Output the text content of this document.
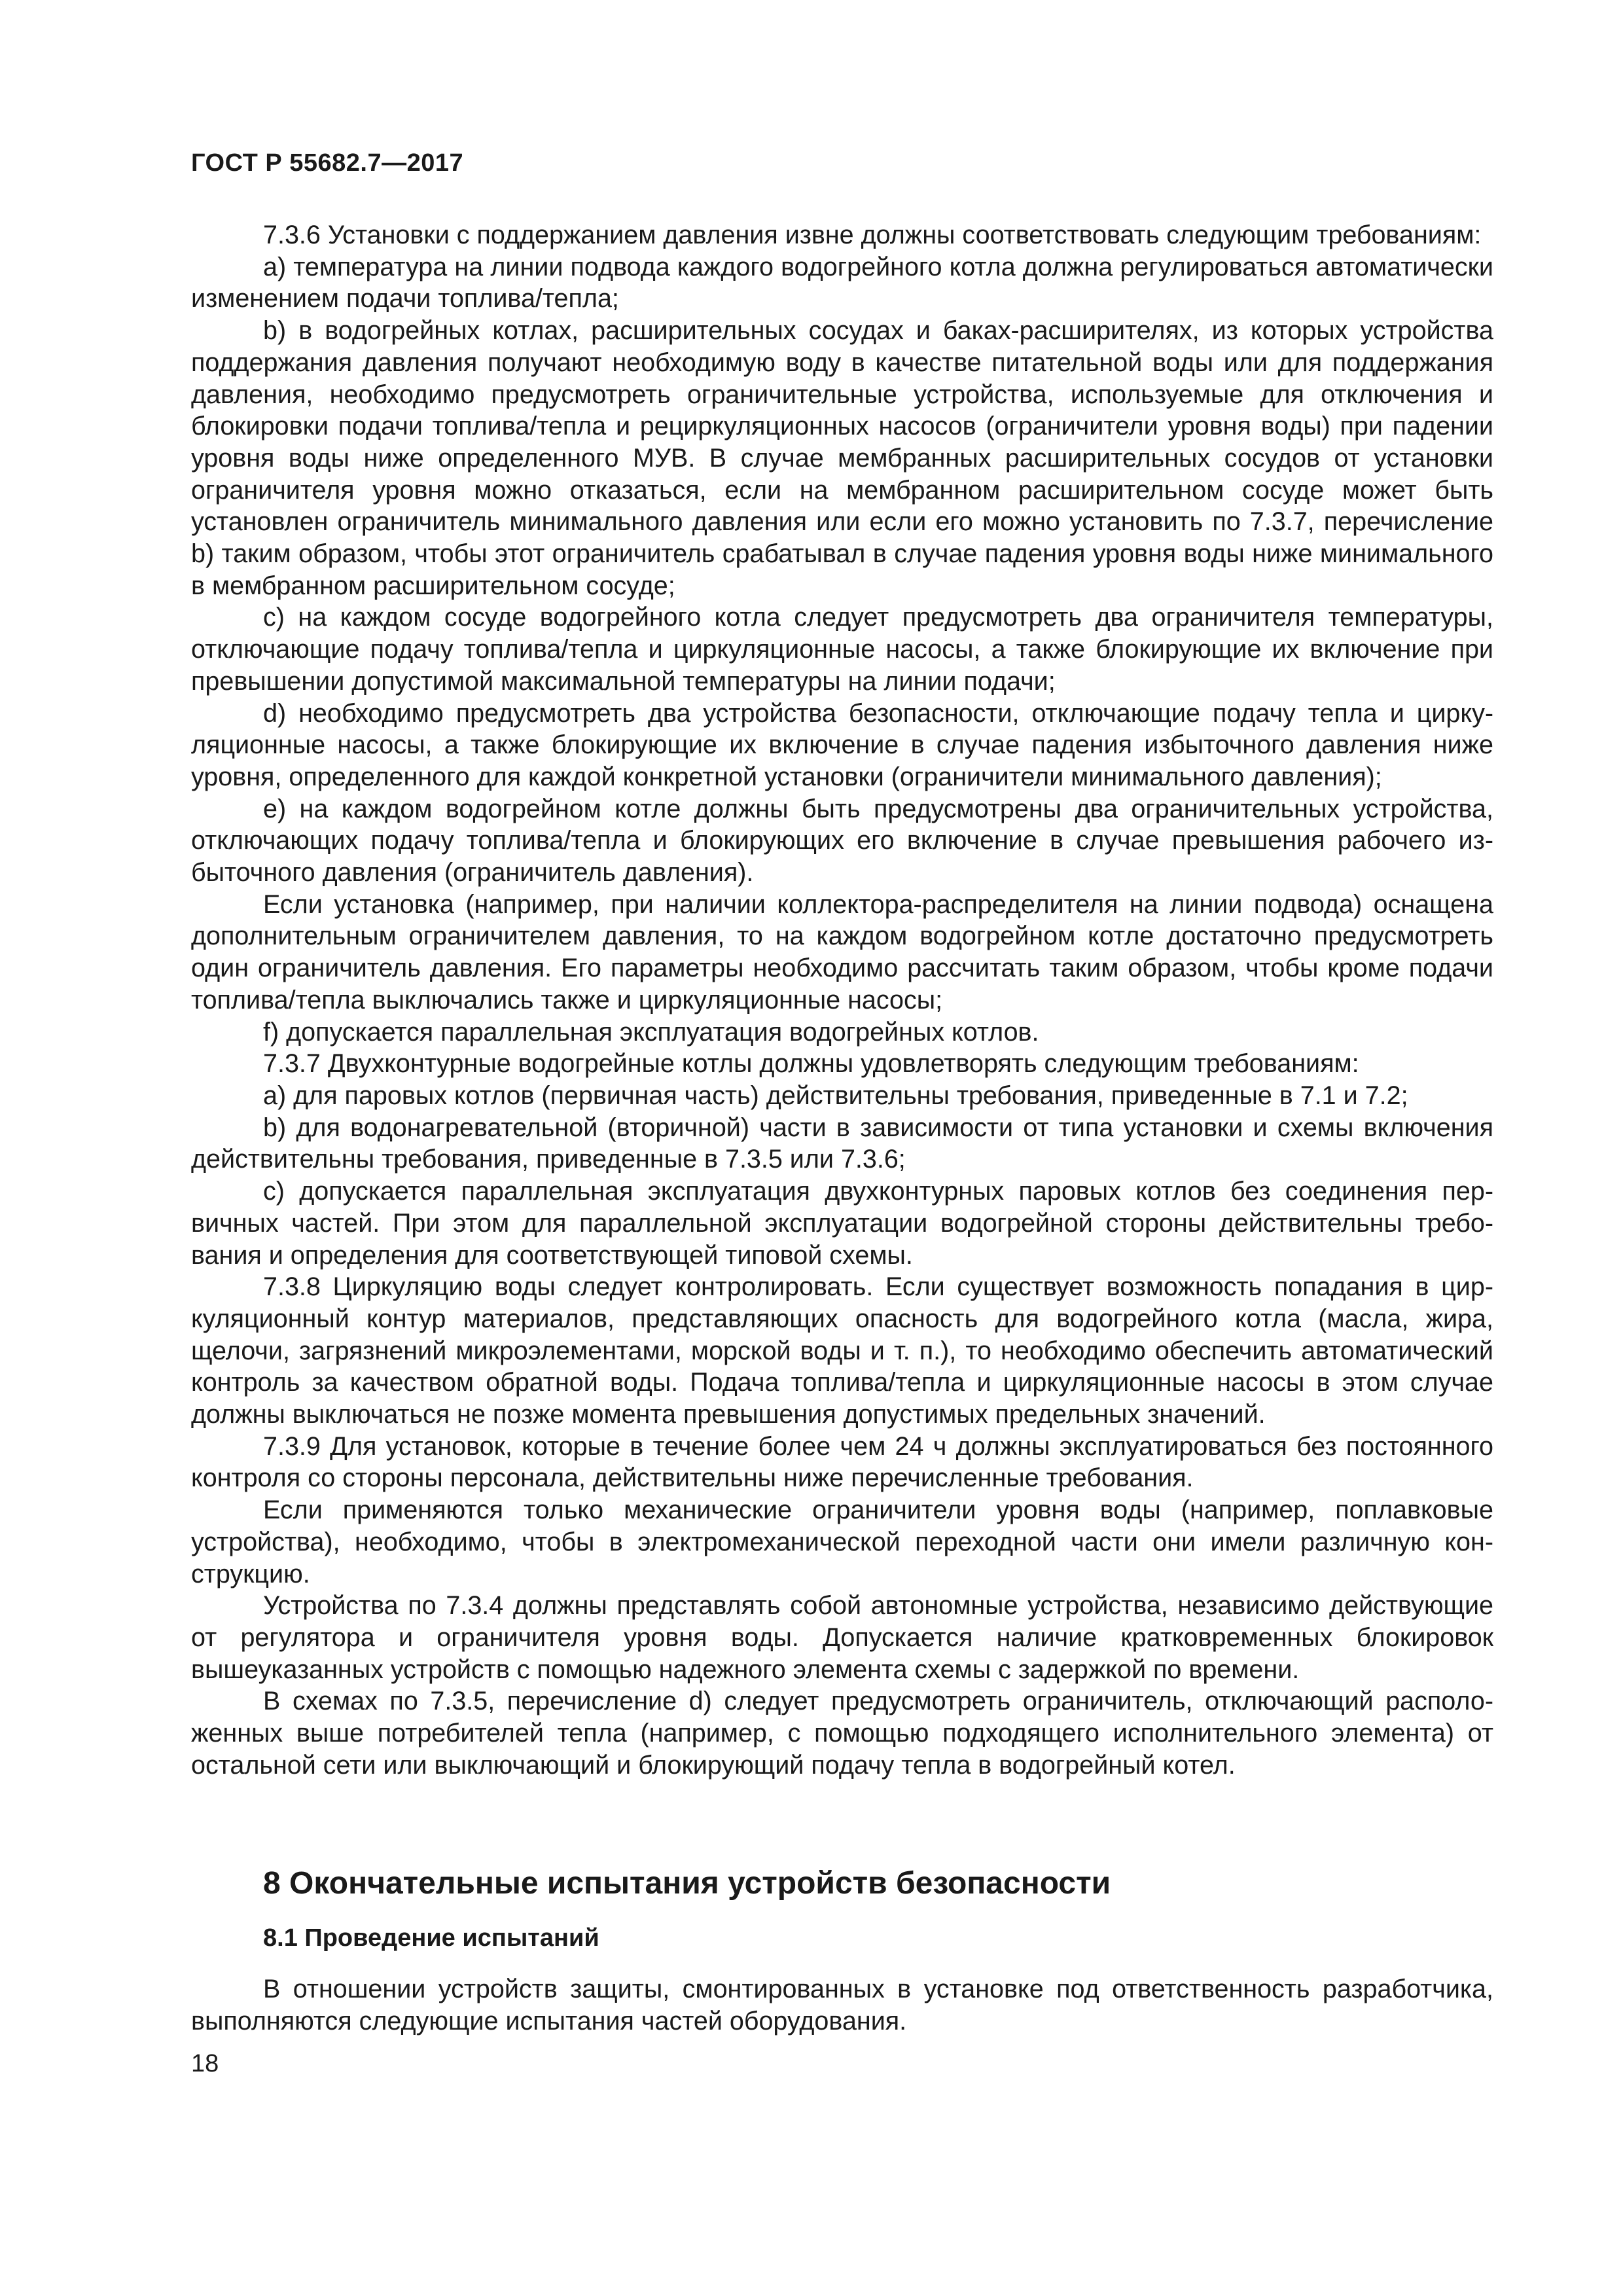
ГОСТ Р 55682.7—2017

7.3.6 Установки с поддержанием давления извне должны соответствовать следующим требованиям:

a) температура на линии подвода каждого водогрейного котла должна регулироваться автоматически изменением подачи топлива/тепла;

b) в водогрейных котлах, расширительных сосудах и баках-расширителях, из которых устройства поддержания давления получают необходимую воду в качестве питательной воды или для поддержания давления, необходимо предусмотреть ограничительные устройства, используемые для отключения и блокировки подачи топлива/тепла и рециркуляционных насосов (ограничители уровня воды) при падении уровня воды ниже определенного МУВ. В случае мембранных расширительных сосудов от установки ограничителя уровня можно отказаться, если на мембранном расширительном сосуде может быть установлен ограничитель минимального давления или если его можно установить по 7.3.7, перечисление b) таким образом, чтобы этот ограничитель срабатывал в случае падения уровня воды ниже минимального в мембранном расширительном сосуде;

c) на каждом сосуде водогрейного котла следует предусмотреть два ограничителя температуры, отключающие подачу топлива/тепла и циркуляционные насосы, а также блокирующие их включение при превышении допустимой максимальной температуры на линии подачи;

d) необходимо предусмотреть два устройства безопасности, отключающие подачу тепла и циркуляционные насосы, а также блокирующие их включение в случае падения избыточного давления ниже уровня, определенного для каждой конкретной установки (ограничители минимального давления);

e) на каждом водогрейном котле должны быть предусмотрены два ограничительных устройства, отключающих подачу топлива/тепла и блокирующих его включение в случае превышения рабочего избыточного давления (ограничитель давления).

Если установка (например, при наличии коллектора-распределителя на линии подвода) оснащена дополнительным ограничителем давления, то на каждом водогрейном котле достаточно предусмотреть один ограничитель давления. Его параметры необходимо рассчитать таким образом, чтобы кроме подачи топлива/тепла выключались также и циркуляционные насосы;

f) допускается параллельная эксплуатация водогрейных котлов.

7.3.7 Двухконтурные водогрейные котлы должны удовлетворять следующим требованиям:

a) для паровых котлов (первичная часть) действительны требования, приведенные в 7.1 и 7.2;

b) для водонагревательной (вторичной) части в зависимости от типа установки и схемы включения действительны требования, приведенные в 7.3.5 или 7.3.6;

c) допускается параллельная эксплуатация двухконтурных паровых котлов без соединения первичных частей. При этом для параллельной эксплуатации водогрейной стороны действительны требования и определения для соответствующей типовой схемы.

7.3.8 Циркуляцию воды следует контролировать. Если существует возможность попадания в циркуляционный контур материалов, представляющих опасность для водогрейного котла (масла, жира, щелочи, загрязнений микроэлементами, морской воды и т. п.), то необходимо обеспечить автоматический контроль за качеством обратной воды. Подача топлива/тепла и циркуляционные насосы в этом случае должны выключаться не позже момента превышения допустимых предельных значений.

7.3.9 Для установок, которые в течение более чем 24 ч должны эксплуатироваться без постоянного контроля со стороны персонала, действительны ниже перечисленные требования.

Если применяются только механические ограничители уровня воды (например, поплавковые устройства), необходимо, чтобы в электромеханической переходной части они имели различную конструкцию.

Устройства по 7.3.4 должны представлять собой автономные устройства, независимо действующие от регулятора и ограничителя уровня воды. Допускается наличие кратковременных блокировок вышеуказанных устройств с помощью надежного элемента схемы с задержкой по времени.

В схемах по 7.3.5, перечисление d) следует предусмотреть ограничитель, отключающий расположенных выше потребителей тепла (например, с помощью подходящего исполнительного элемента) от остальной сети или выключающий и блокирующий подачу тепла в водогрейный котел.

8 Окончательные испытания устройств безопасности
8.1 Проведение испытаний

В отношении устройств защиты, смонтированных в установке под ответственность разработчика, выполняются следующие испытания частей оборудования.

18
